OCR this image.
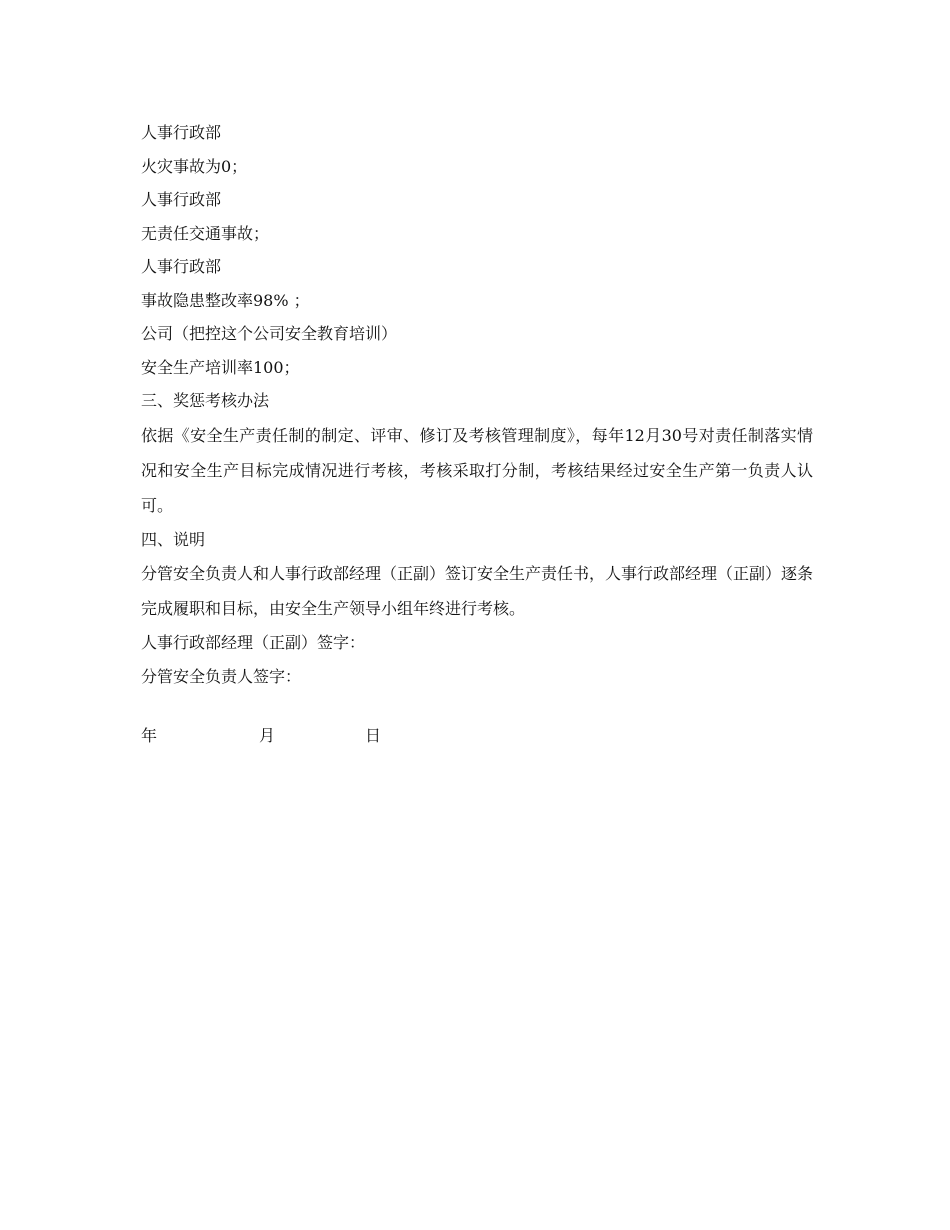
人事行政部

火灾事故为0；

人事行政部

无责任交通事故；

人事行政部

事故隐患整改率98% ；

公司（把控这个公司安全教育培训）

安全生产培训率100；

三、奖惩考核办法

依据《安全生产责任制的制定、评审、修订及考核管理制度》，每年12月30号对责任制落实情况和安全生产目标完成情况进行考核，考核采取打分制，考核结果经过安全生产第一负责人认可。

四、说明

分管安全负责人和人事行政部经理（正副）签订安全生产责任书，人事行政部经理（正副）逐条完成履职和目标，由安全生产领导小组年终进行考核。

人事行政部经理（正副）签字：

分管安全负责人签字：

年	月	日
